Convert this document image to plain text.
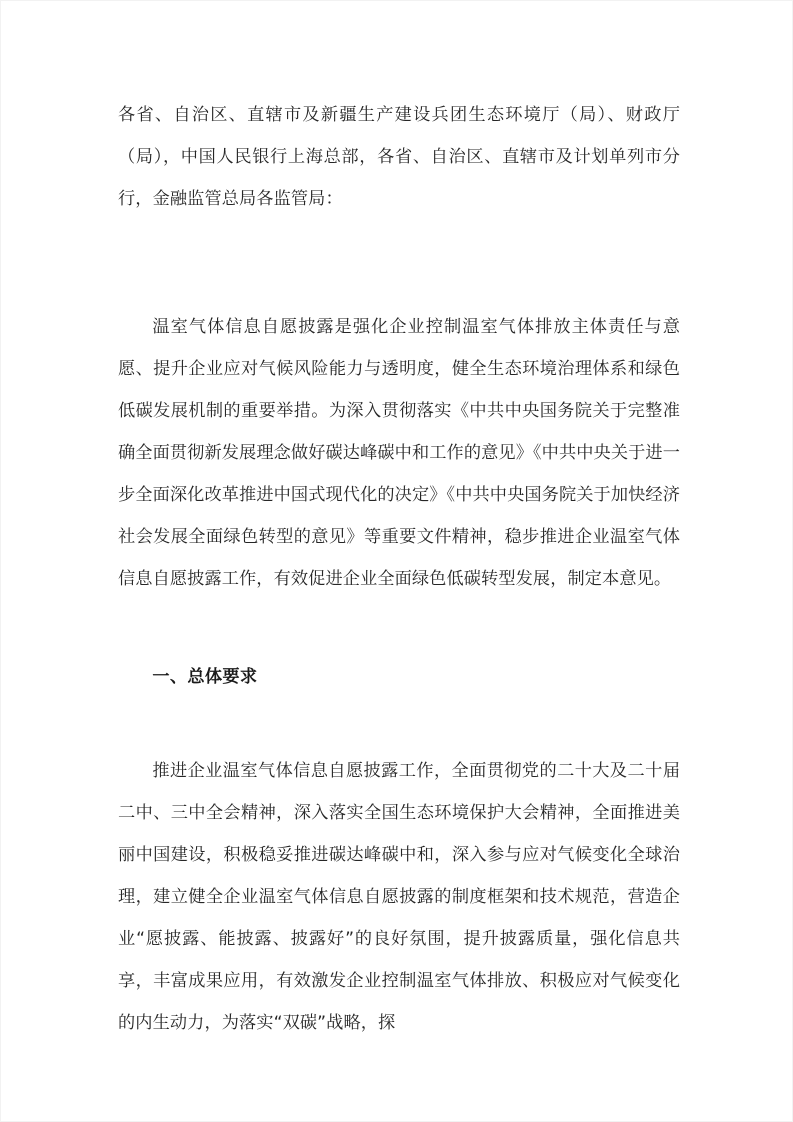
各省、自治区、直辖市及新疆生产建设兵团生态环境厅（局）、财政厅（局），中国人民银行上海总部，各省、自治区、直辖市及计划单列市分行，金融监管总局各监管局：

温室气体信息自愿披露是强化企业控制温室气体排放主体责任与意愿、提升企业应对气候风险能力与透明度，健全生态环境治理体系和绿色低碳发展机制的重要举措。为深入贯彻落实《中共中央国务院关于完整准确全面贯彻新发展理念做好碳达峰碳中和工作的意见》《中共中央关于进一步全面深化改革推进中国式现代化的决定》《中共中央国务院关于加快经济社会发展全面绿色转型的意见》等重要文件精神，稳步推进企业温室气体信息自愿披露工作，有效促进企业全面绿色低碳转型发展，制定本意见。

一、总体要求

推进企业温室气体信息自愿披露工作，全面贯彻党的二十大及二十届二中、三中全会精神，深入落实全国生态环境保护大会精神，全面推进美丽中国建设，积极稳妥推进碳达峰碳中和，深入参与应对气候变化全球治理，建立健全企业温室气体信息自愿披露的制度框架和技术规范，营造企业“愿披露、能披露、披露好”的良好氛围，提升披露质量，强化信息共享，丰富成果应用，有效激发企业控制温室气体排放、积极应对气候变化的内生动力，为落实“双碳”战略，探
